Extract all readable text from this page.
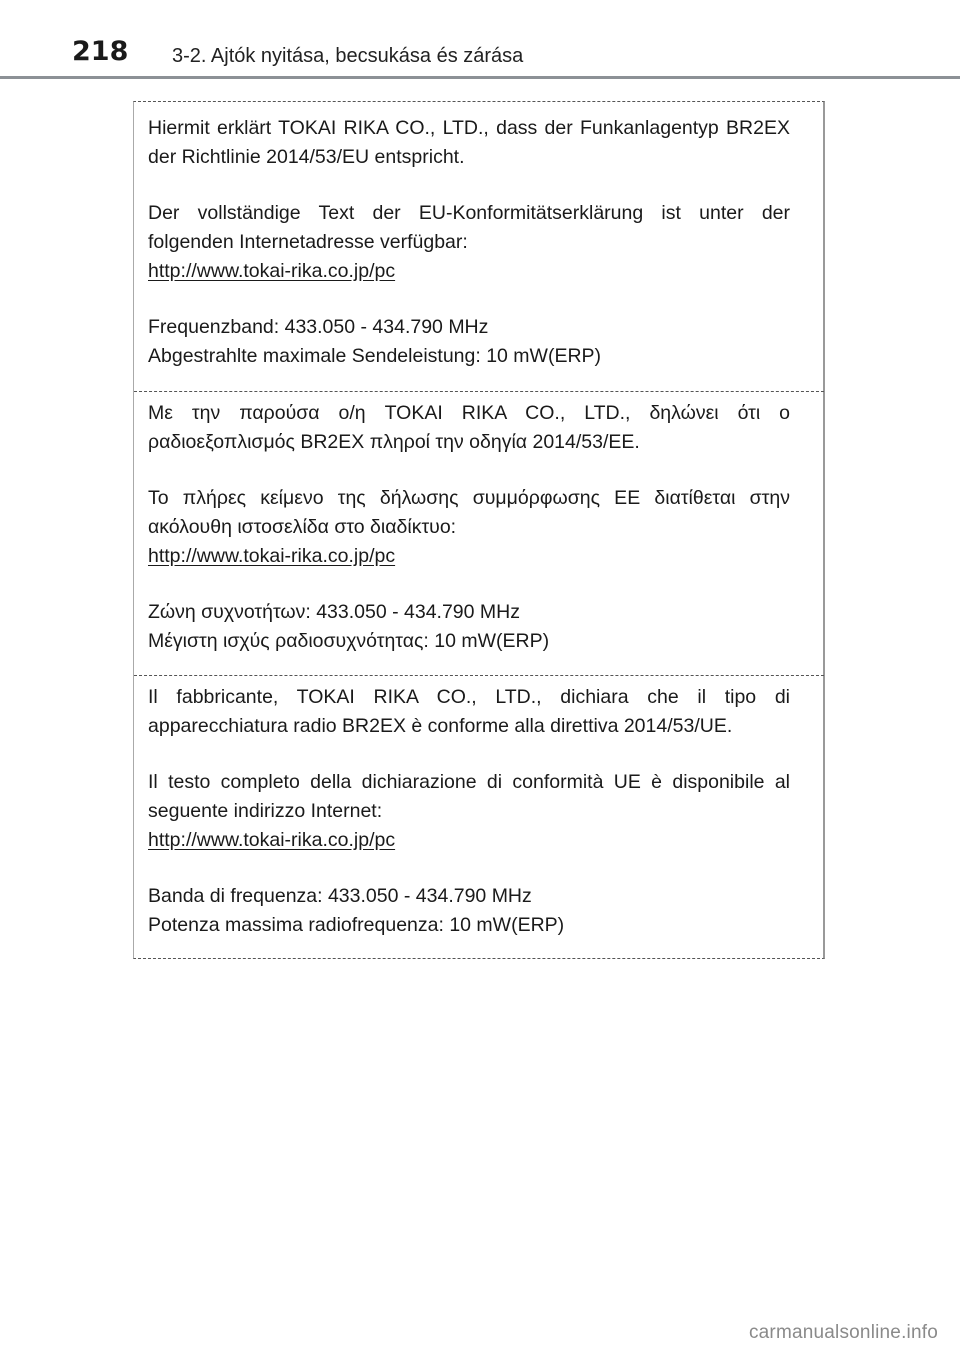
218 3-2. Ajtók nyitása, becsukása és zárása

Hiermit erklärt TOKAI RIKA CO., LTD., dass der Funkanlagentyp BR2EX der Richtlinie 2014/53/EU entspricht.

Der vollständige Text der EU-Konformitätserklärung ist unter der folgenden Internetadresse verfügbar:

http://www.tokai-rika.co.jp/pc

Frequenzband: 433.050 - 434.790 MHz

Abgestrahlte maximale Sendeleistung: 10 mW(ERP)

Με την παρούσα ο/η TOKAI RIKA CO., LTD., δηλώνει ότι ο ραδιοεξοπλισμός BR2EX πληροί την οδηγία 2014/53/ΕΕ.

Το πλήρες κείμενο της δήλωσης συμμόρφωσης ΕΕ διατίθεται στην ακόλουθη ιστοσελίδα στο διαδίκτυο:

http://www.tokai-rika.co.jp/pc

Ζώνη συχνοτήτων: 433.050 - 434.790 MHz

Μέγιστη ισχύς ραδιοσυχνότητας: 10 mW(ERP)

Il fabbricante, TOKAI RIKA CO., LTD., dichiara che il tipo di apparecchiatura radio BR2EX è conforme alla direttiva 2014/53/UE.

Il testo completo della dichiarazione di conformità UE è disponibile al seguente indirizzo Internet:

http://www.tokai-rika.co.jp/pc

Banda di frequenza: 433.050 - 434.790 MHz

Potenza massima radiofrequenza: 10 mW(ERP)

carmanualsonline.info
